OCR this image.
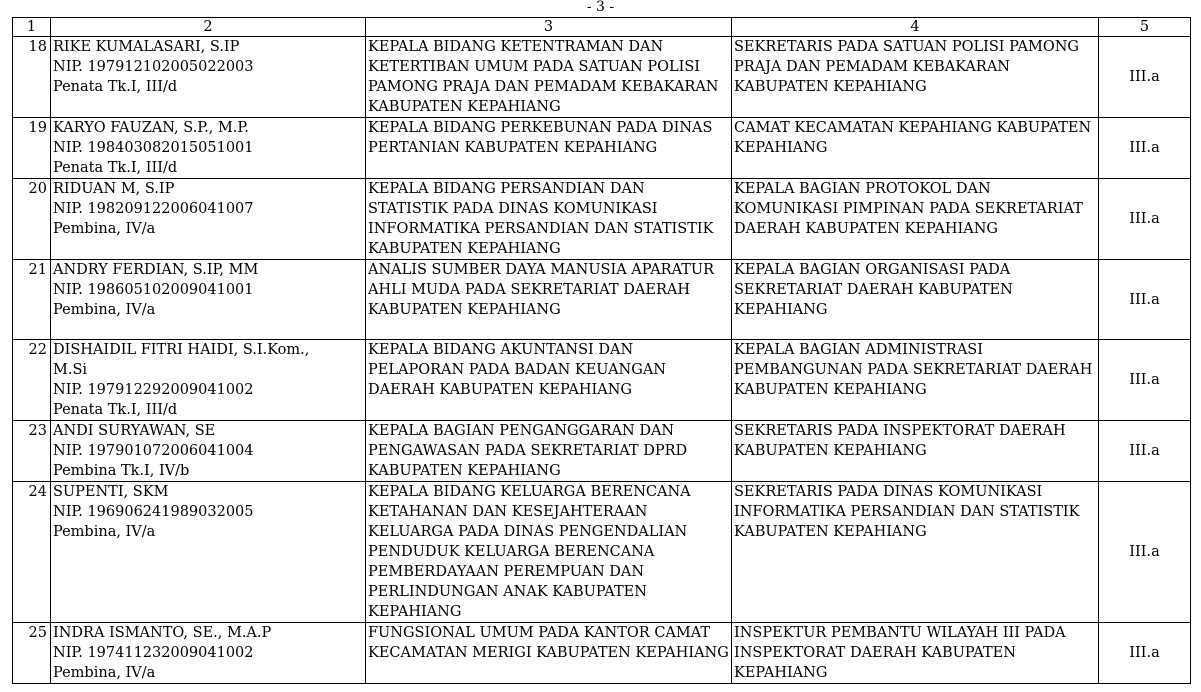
- 3 -
1	2	3	4	5
18	RIKE KUMALASARI, S.IP
NIP. 197912102005022003
Penata Tk.I, III/d	KEPALA BIDANG KETENTRAMAN DAN KETERTIBAN UMUM PADA SATUAN POLISI PAMONG PRAJA DAN PEMADAM KEBAKARAN KABUPATEN KEPAHIANG	SEKRETARIS PADA SATUAN POLISI PAMONG PRAJA DAN PEMADAM KEBAKARAN KABUPATEN KEPAHIANG	III.a
19	KARYO FAUZAN, S.P., M.P.
NIP. 198403082015051001
Penata Tk.I, III/d	KEPALA BIDANG PERKEBUNAN PADA DINAS PERTANIAN KABUPATEN KEPAHIANG	CAMAT KECAMATAN KEPAHIANG KABUPATEN KEPAHIANG	III.a
20	RIDUAN M, S.IP
NIP. 198209122006041007
Pembina, IV/a	KEPALA BIDANG PERSANDIAN DAN STATISTIK PADA DINAS KOMUNIKASI INFORMATIKA PERSANDIAN DAN STATISTIK KABUPATEN KEPAHIANG	KEPALA BAGIAN PROTOKOL DAN KOMUNIKASI PIMPINAN PADA SEKRETARIAT DAERAH KABUPATEN KEPAHIANG	III.a
21	ANDRY FERDIAN, S.IP, MM
NIP. 198605102009041001
Pembina, IV/a	ANALIS SUMBER DAYA MANUSIA APARATUR AHLI MUDA PADA SEKRETARIAT DAERAH KABUPATEN KEPAHIANG	KEPALA BAGIAN ORGANISASI PADA SEKRETARIAT DAERAH KABUPATEN KEPAHIANG	III.a
22	DISHAIDIL FITRI HAIDI, S.I.Kom.,
M.Si
NIP. 197912292009041002
Penata Tk.I, III/d	KEPALA BIDANG AKUNTANSI DAN PELAPORAN PADA BADAN KEUANGAN DAERAH KABUPATEN KEPAHIANG	KEPALA BAGIAN ADMINISTRASI PEMBANGUNAN PADA SEKRETARIAT DAERAH KABUPATEN KEPAHIANG	III.a
23	ANDI SURYAWAN, SE
NIP. 197901072006041004
Pembina Tk.I, IV/b	KEPALA BAGIAN PENGANGGARAN DAN PENGAWASAN PADA SEKRETARIAT DPRD KABUPATEN KEPAHIANG	SEKRETARIS PADA INSPEKTORAT DAERAH KABUPATEN KEPAHIANG	III.a
24	SUPENTI, SKM
NIP. 196906241989032005
Pembina, IV/a	KEPALA BIDANG KELUARGA BERENCANA KETAHANAN DAN KESEJAHTERAAN KELUARGA PADA DINAS PENGENDALIAN PENDUDUK KELUARGA BERENCANA PEMBERDAYAAN PEREMPUAN DAN PERLINDUNGAN ANAK KABUPATEN KEPAHIANG	SEKRETARIS PADA DINAS KOMUNIKASI INFORMATIKA PERSANDIAN DAN STATISTIK KABUPATEN KEPAHIANG	III.a
25	INDRA ISMANTO, SE., M.A.P
NIP. 197411232009041002
Pembina, IV/a	FUNGSIONAL UMUM PADA KANTOR CAMAT KECAMATAN MERIGI KABUPATEN KEPAHIANG	INSPEKTUR PEMBANTU WILAYAH III PADA INSPEKTORAT DAERAH KABUPATEN KEPAHIANG	III.a
